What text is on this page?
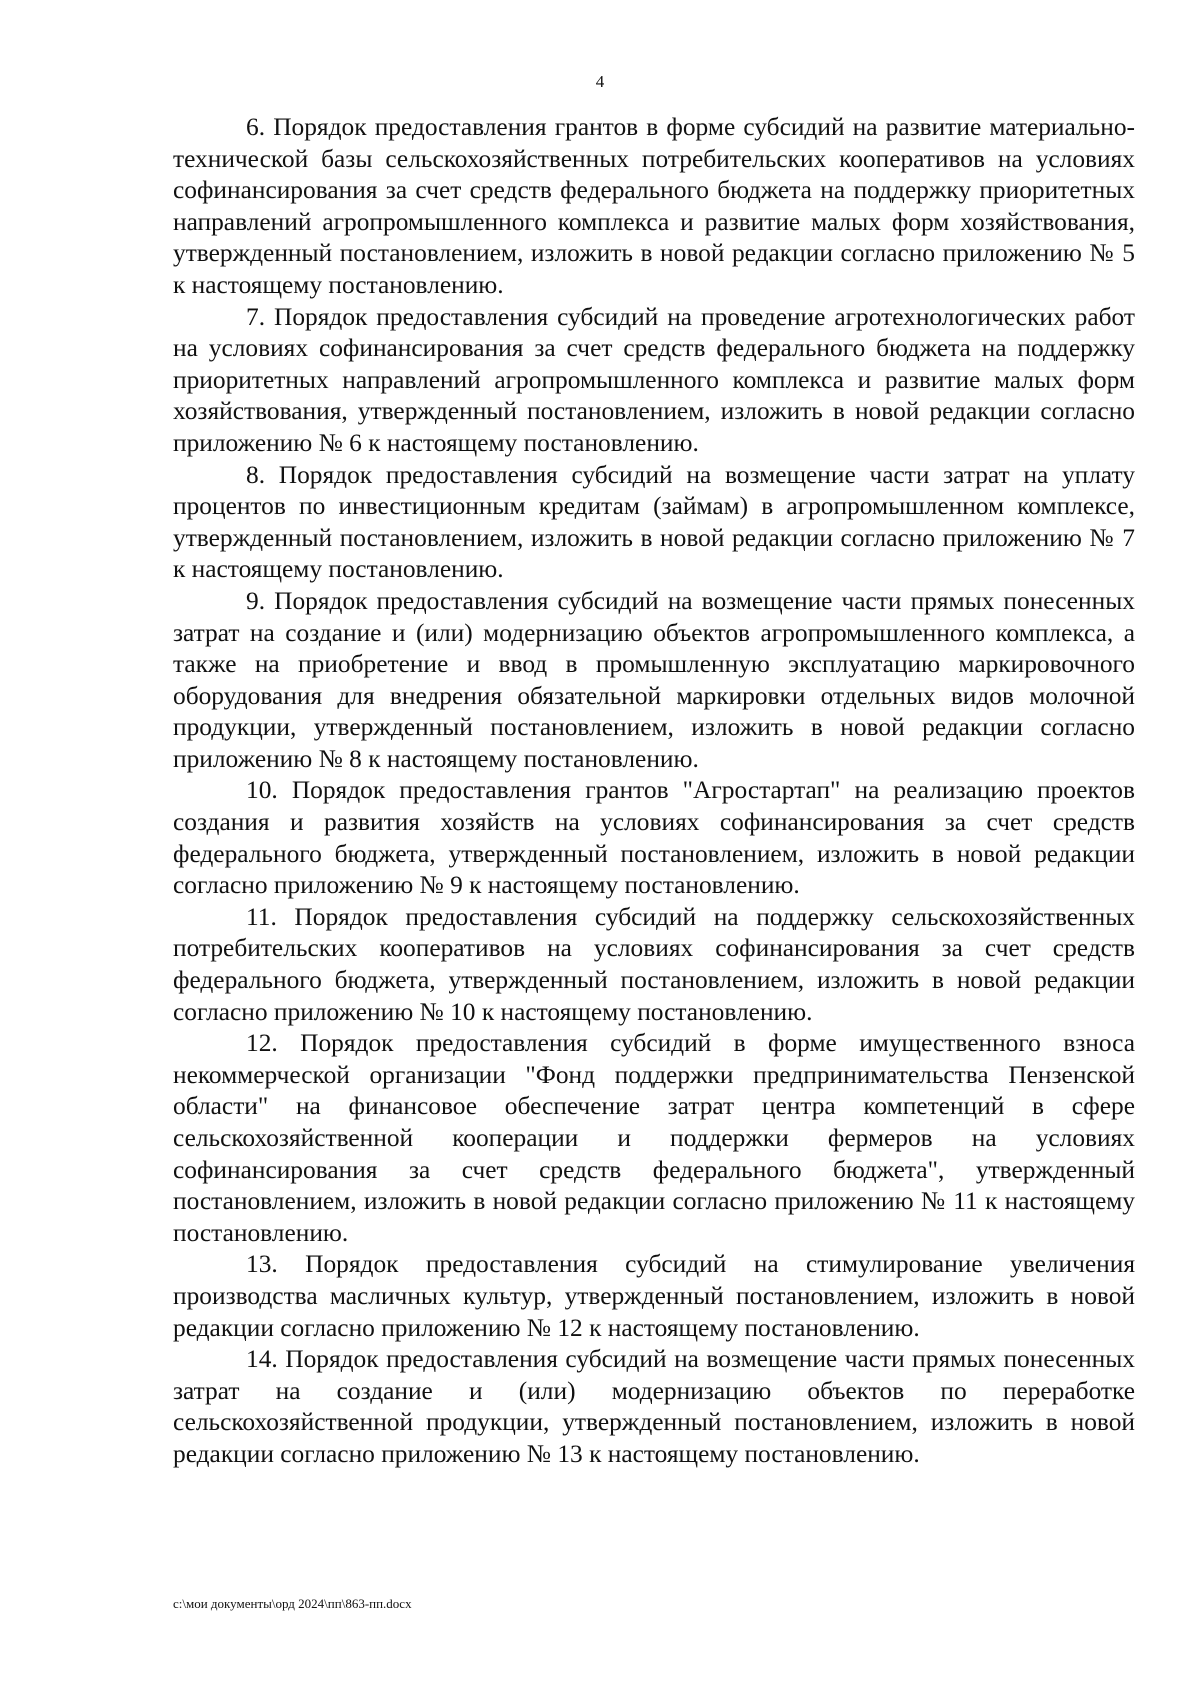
4

6. Порядок предоставления грантов в форме субсидий на развитие материально-технической базы сельскохозяйственных потребительских кооперативов на условиях софинансирования за счет средств федерального бюджета на поддержку приоритетных направлений агропромышленного комплекса и развитие малых форм хозяйствования, утвержденный постановлением, изложить в новой редакции согласно приложению № 5 к настоящему постановлению.

7. Порядок предоставления субсидий на проведение агротехнологических работ на условиях софинансирования за счет средств федерального бюджета на поддержку приоритетных направлений агропромышленного комплекса и развитие малых форм хозяйствования, утвержденный постановлением, изложить в новой редакции согласно приложению № 6 к настоящему постановлению.

8. Порядок предоставления субсидий на возмещение части затрат на уплату процентов по инвестиционным кредитам (займам) в агропромышленном комплексе, утвержденный постановлением, изложить в новой редакции согласно приложению № 7 к настоящему постановлению.

9. Порядок предоставления субсидий на возмещение части прямых понесенных затрат на создание и (или) модернизацию объектов агропромышленного комплекса, а также на приобретение и ввод в промышленную эксплуатацию маркировочного оборудования для внедрения обязательной маркировки отдельных видов молочной продукции, утвержденный постановлением, изложить в новой редакции согласно приложению № 8 к настоящему постановлению.

10. Порядок предоставления грантов "Агростартап" на реализацию проектов создания и развития хозяйств на условиях софинансирования за счет средств федерального бюджета, утвержденный постановлением, изложить в новой редакции согласно приложению № 9 к настоящему постановлению.

11. Порядок предоставления субсидий на поддержку сельскохозяйственных потребительских кооперативов на условиях софинансирования за счет средств федерального бюджета, утвержденный постановлением, изложить в новой редакции согласно приложению № 10 к настоящему постановлению.

12. Порядок предоставления субсидий в форме имущественного взноса некоммерческой организации "Фонд поддержки предпринимательства Пензенской области" на финансовое обеспечение затрат центра компетенций в сфере сельскохозяйственной кооперации и поддержки фермеров на условиях софинансирования за счет средств федерального бюджета", утвержденный постановлением, изложить в новой редакции согласно приложению № 11 к настоящему постановлению.

13. Порядок предоставления субсидий на стимулирование увеличения производства масличных культур, утвержденный постановлением, изложить в новой редакции согласно приложению № 12 к настоящему постановлению.

14. Порядок предоставления субсидий на возмещение части прямых понесенных затрат на создание и (или) модернизацию объектов по переработке сельскохозяйственной продукции, утвержденный постановлением, изложить в новой редакции согласно приложению № 13 к настоящему постановлению.

c:\мои документы\орд 2024\пп\863-пп.docx
